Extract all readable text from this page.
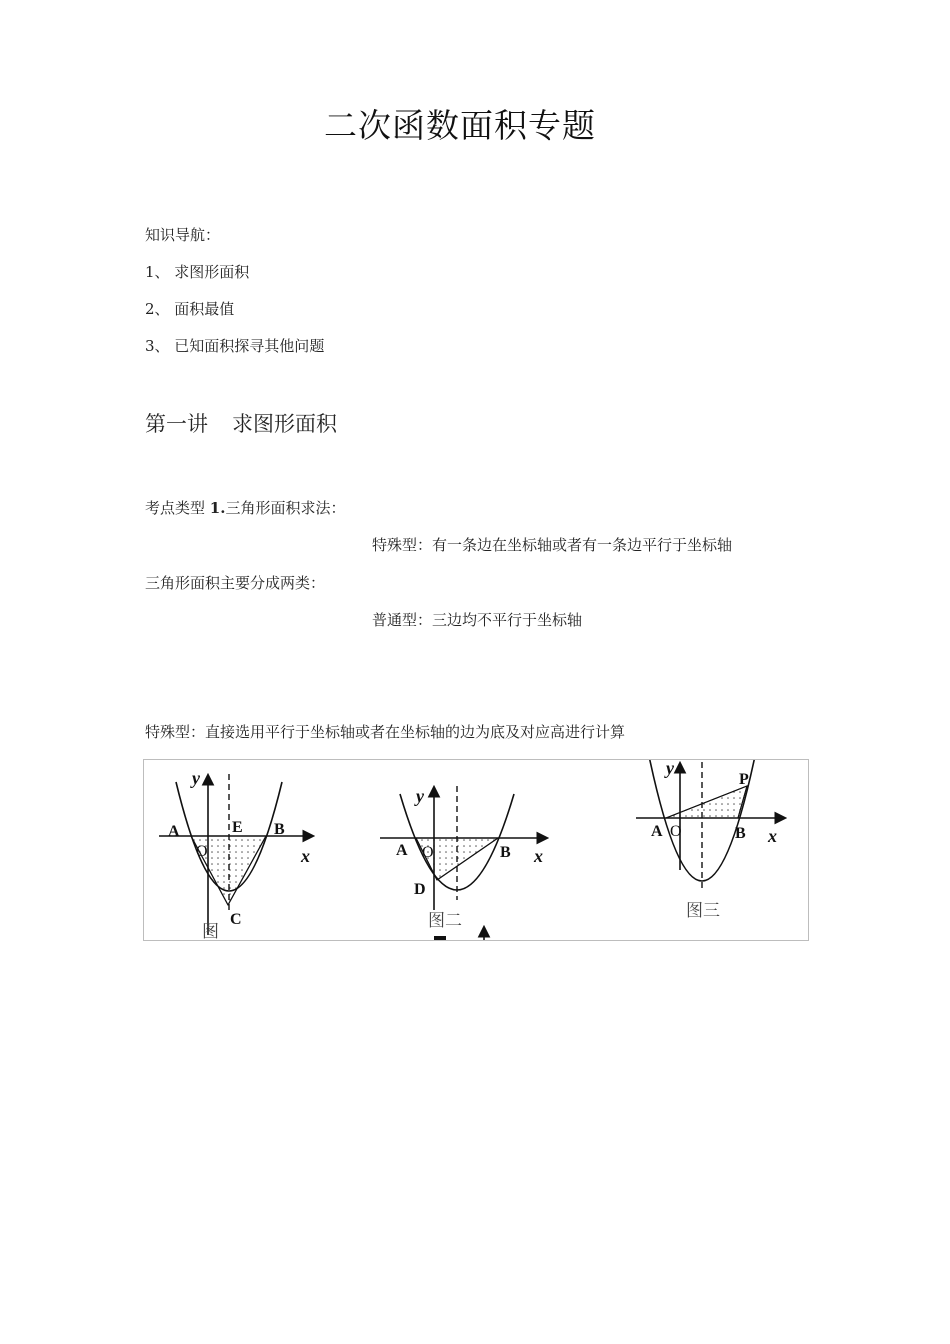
二次函数面积专题
知识导航：
1、 求图形面积
2、 面积最值
3、 已知面积探寻其他问题
第一讲 求图形面积
考点类型 1.三角形面积求法：
特殊型：有一条边在坐标轴或者有一条边平行于坐标轴
三角形面积主要分成两类：
普通型：三边均不平行于坐标轴
特殊型：直接选用平行于坐标轴或者在坐标轴的边为底及对应高进行计算
y
x
A
O
E B
C
图
y
x
A O	B
D
图二
y
x
A O	B
P
图三
